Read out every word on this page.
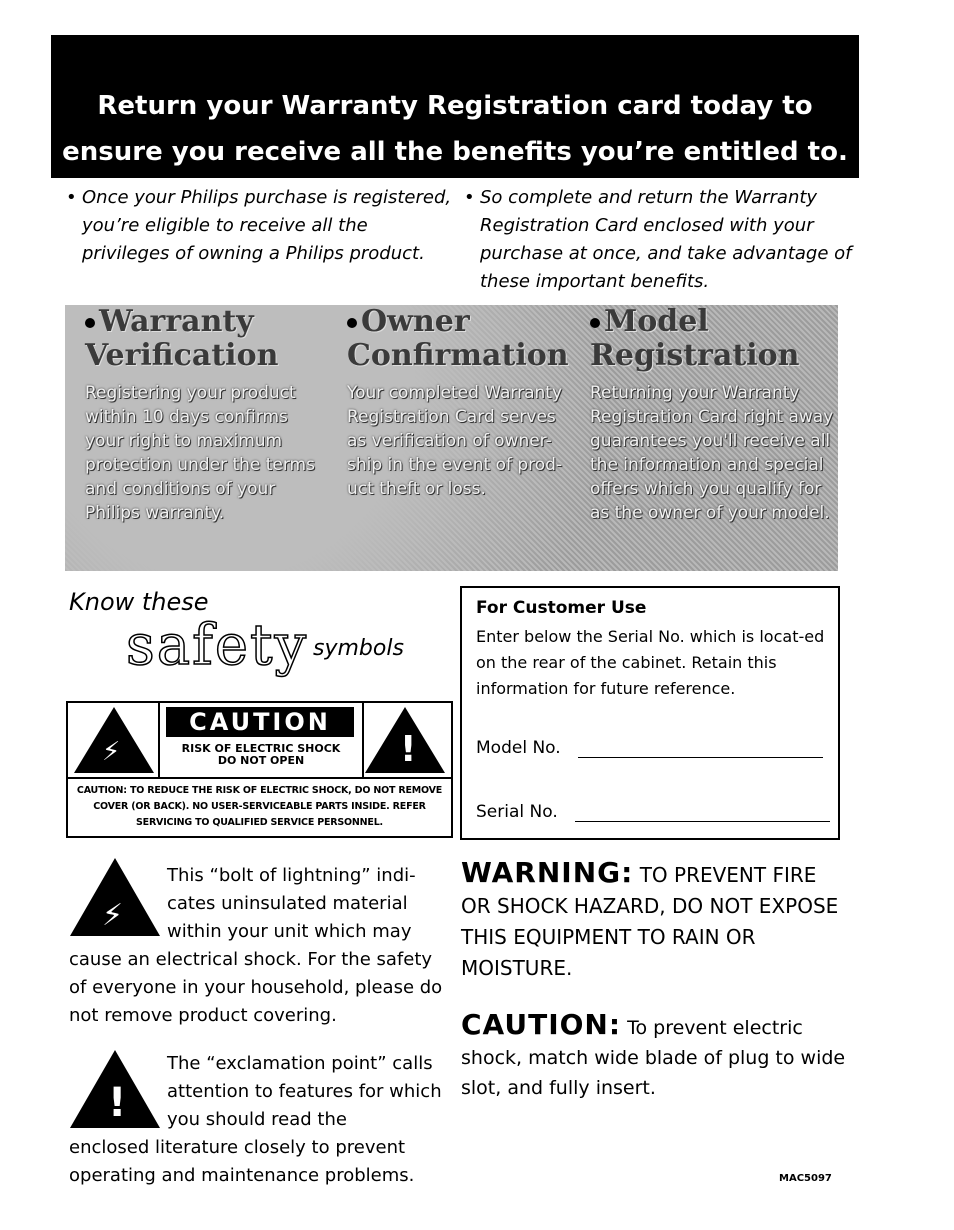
Return your Warranty Registration card today to
ensure you receive all the benefits you’re entitled to.
• Once your Philips purchase is registered, you’re eligible to receive all the privileges of owning a Philips product.

• So complete and return the Warranty Registration Card enclosed with your purchase at once, and take advantage of these important benefits.

Warranty
Verification

Registering your product within 10 days confirms your right to maximum protection under the terms and conditions of your Philips warranty.

Owner
Confirmation

Your completed Warranty Registration Card serves as verification of owner-ship in the event of prod-uct theft or loss.

Model
Registration

Returning your Warranty Registration Card right away guarantees you'll receive all the information and special offers which you qualify for as the owner of your model.

Know these
safety symbols
⚡
CAUTION
RISK OF ELECTRIC SHOCK
DO NOT OPEN	!
CAUTION: TO REDUCE THE RISK OF ELECTRIC SHOCK, DO NOT REMOVE COVER (OR BACK). NO USER-SERVICEABLE PARTS INSIDE. REFER SERVICING TO QUALIFIED SERVICE PERSONNEL.
For Customer Use
Enter below the Serial No. which is locat-ed on the rear of the cabinet. Retain this information for future reference.
Model No.
Serial No.
⚡

This “bolt of lightning” indi-cates uninsulated material within your unit which may

cause an electrical shock. For the safety of everyone in your household, please do not remove product covering.

!

The “exclamation point” calls attention to features for which you should read the

enclosed literature closely to prevent operating and maintenance problems.

WARNING: TO PREVENT FIRE OR SHOCK HAZARD, DO NOT EXPOSE THIS EQUIPMENT TO RAIN OR MOISTURE.
CAUTION: To prevent electric shock, match wide blade of plug to wide slot, and fully insert.
MAC5097
